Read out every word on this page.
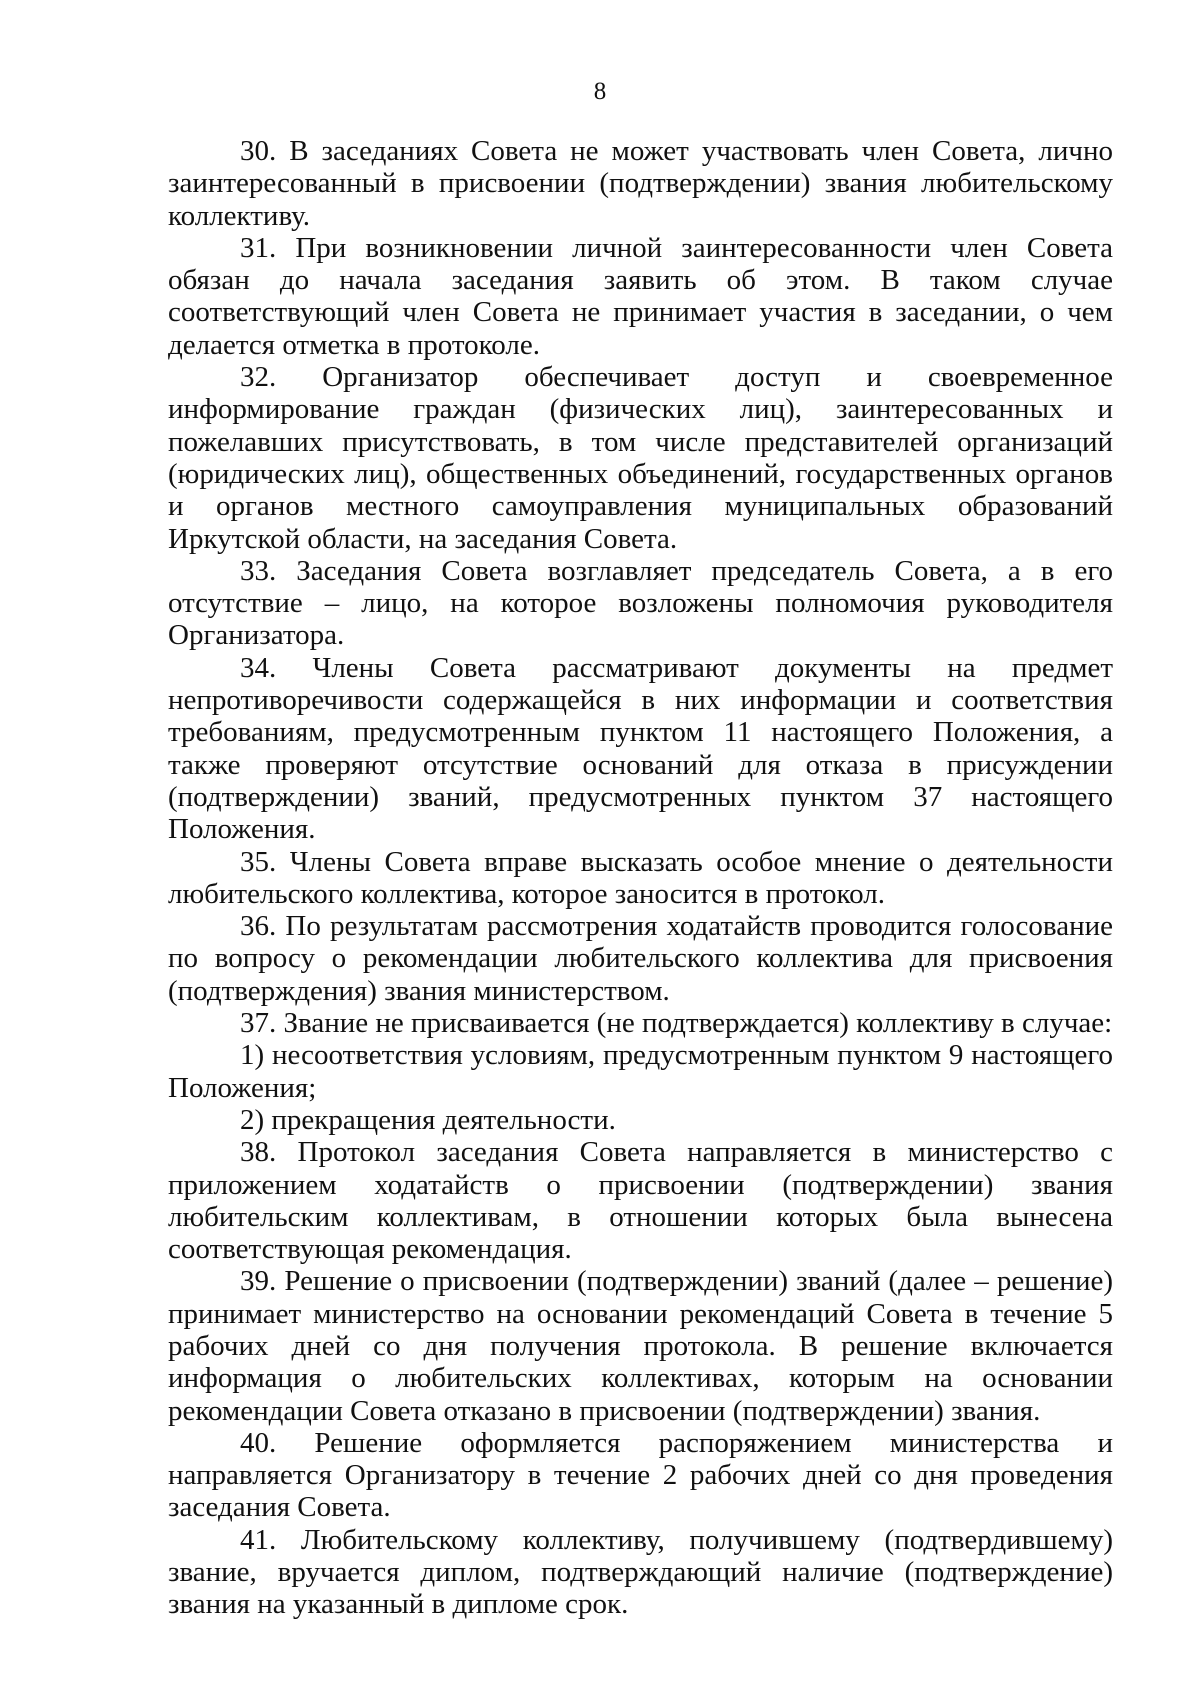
8

30. В заседаниях Совета не может участвовать член Совета, лично заинтересованный в присвоении (подтверждении) звания любительскому коллективу.

31. При возникновении личной заинтересованности член Совета обязан до начала заседания заявить об этом. В таком случае соответствующий член Совета не принимает участия в заседании, о чем делается отметка в протоколе.

32. Организатор обеспечивает доступ и своевременное информирование граждан (физических лиц), заинтересованных и пожелавших присутствовать, в том числе представителей организаций (юридических лиц), общественных объединений, государственных органов и органов местного самоуправления муниципальных образований Иркутской области, на заседания Совета.

33. Заседания Совета возглавляет председатель Совета, а в его отсутствие – лицо, на которое возложены полномочия руководителя Организатора.

34. Члены Совета рассматривают документы на предмет непротиворечивости содержащейся в них информации и соответствия требованиям, предусмотренным пунктом 11 настоящего Положения, а также проверяют отсутствие оснований для отказа в присуждении (подтверждении) званий, предусмотренных пунктом 37 настоящего Положения.

35. Члены Совета вправе высказать особое мнение о деятельности любительского коллектива, которое заносится в протокол.

36. По результатам рассмотрения ходатайств проводится голосование по вопросу о рекомендации любительского коллектива для присвоения (подтверждения) звания министерством.

37. Звание не присваивается (не подтверждается) коллективу в случае:

1) несоответствия условиям, предусмотренным пунктом 9 настоящего Положения;

2) прекращения деятельности.

38. Протокол заседания Совета направляется в министерство с приложением ходатайств о присвоении (подтверждении) звания любительским коллективам, в отношении которых была вынесена соответствующая рекомендация.

39. Решение о присвоении (подтверждении) званий (далее – решение) принимает министерство на основании рекомендаций Совета в течение 5 рабочих дней со дня получения протокола. В решение включается информация о любительских коллективах, которым на основании рекомендации Совета отказано в присвоении (подтверждении) звания.

40. Решение оформляется распоряжением министерства и направляется Организатору в течение 2 рабочих дней со дня проведения заседания Совета.

41. Любительскому коллективу, получившему (подтвердившему) звание, вручается диплом, подтверждающий наличие (подтверждение) звания на указанный в дипломе срок.
